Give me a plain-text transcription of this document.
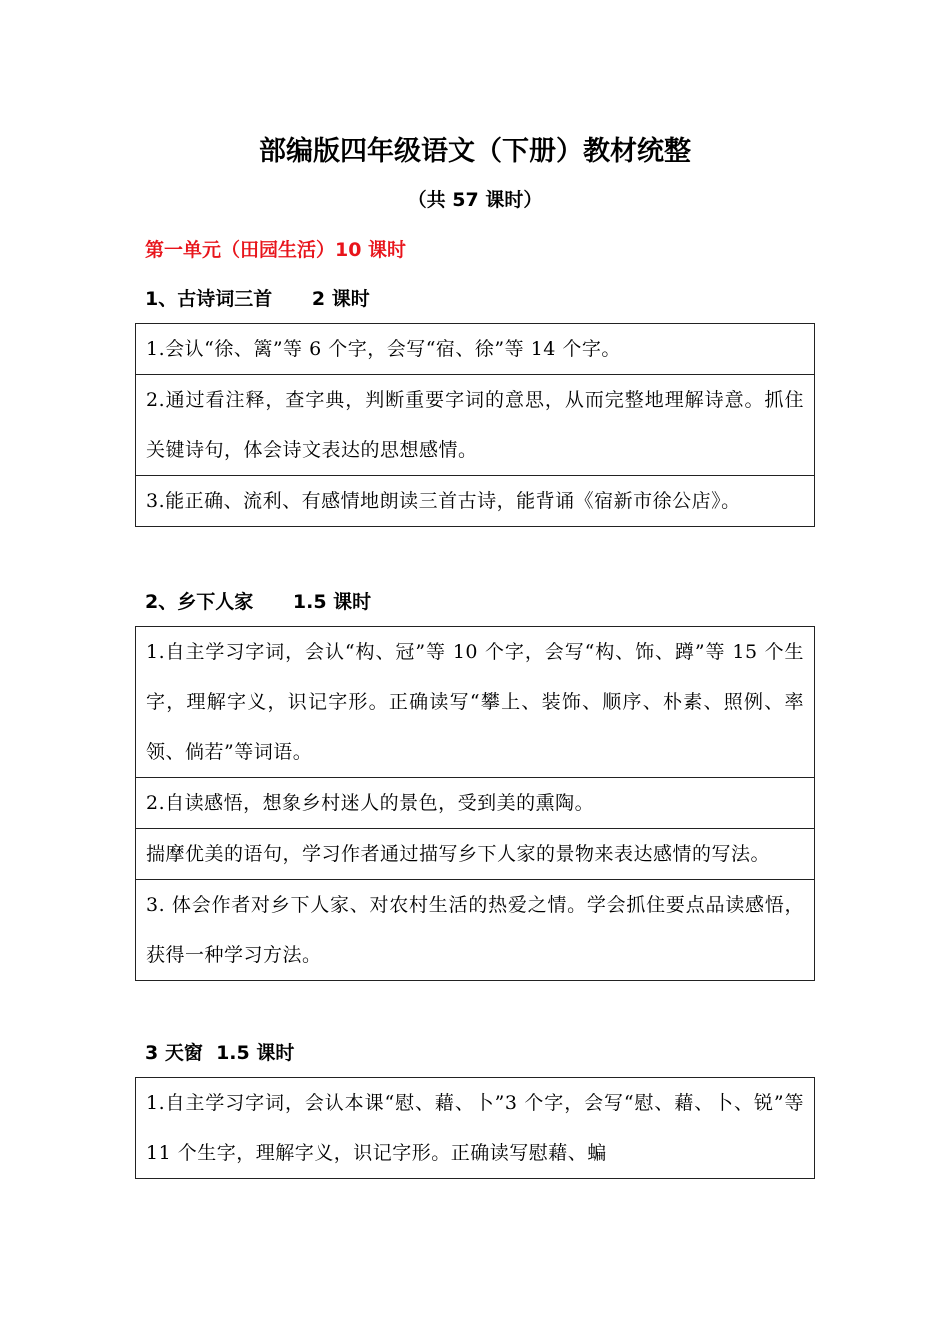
部编版四年级语文（下册）教材统整
（共 57 课时）
第一单元（田园生活）10 课时
1、古诗词三首      2 课时
1.会认“徐、篱”等 6 个字，会写“宿、徐”等 14 个字。
2.通过看注释，查字典，判断重要字词的意思，从而完整地理解诗意。抓住关键诗句，体会诗文表达的思想感情。
3.能正确、流利、有感情地朗读三首古诗，能背诵《宿新市徐公店》。
2、乡下人家      1.5 课时
1.自主学习字词，会认“构、冠”等 10 个字，会写“构、饰、蹲”等 15 个生字，理解字义，识记字形。正确读写“攀上、装饰、顺序、朴素、照例、率领、倘若”等词语。
2.自读感悟，想象乡村迷人的景色，受到美的熏陶。
揣摩优美的语句，学习作者通过描写乡下人家的景物来表达感情的写法。
3. 体会作者对乡下人家、对农村生活的热爱之情。学会抓住要点品读感悟，获得一种学习方法。
3 天窗  1.5 课时
1.自主学习字词，会认本课“慰、藉、卜”3 个字，会写“慰、藉、卜、锐”等 11 个生字，理解字义，识记字形。正确读写慰藉、蝙
